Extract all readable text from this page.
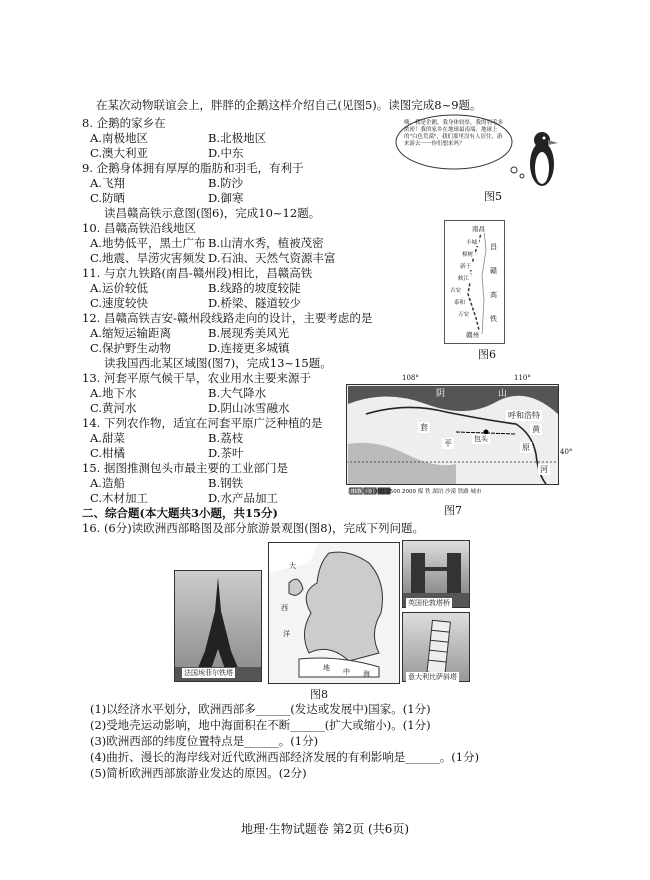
在某次动物联谊会上，胖胖的企鹅这样介绍自己(见图5)。读图完成8~9题。
8. 企鹅的家乡在
A.南极地区	B.北极地区
C.澳大利亚	D.中东
9. 企鹅身体拥有厚厚的脂肪和羽毛，有利于
A.飞翔	B.防沙
C.防晒	D.御寒
嗨，我是企鹅，我身体较厚，我的羽毛多浓密！我的家乡在地球最南端，地球上的"白色荒漠"，我们那里没有人居住，游来游去一一你们想来吗？
图5
读昌赣高铁示意图(图6)，完成10~12题。
10. 昌赣高铁沿线地区
A.地势低平，黑土广布 B.山清水秀，植被茂密
C.地震、旱涝灾害频发 D.石油、天然气资源丰富
11. 与京九铁路(南昌-赣州段)相比，昌赣高铁
A.运价较低	B.线路的坡度较陡
C.速度较快	D.桥梁、隧道较少
12. 昌赣高铁吉安-赣州段线路走向的设计，主要考虑的是
A.缩短运输距离	B.展现秀美风光
C.保护野生动物	D.连接更多城镇
南昌
丰城
樟树
新干
峡江
吉安
泰和
万安
赣州
昌
赣
高
铁
图6
读我国西北某区域图(图7)，完成13~15题。
13. 河套平原气候干旱，农业用水主要来源于
A.地下水	B.大气降水
C.黄河水	D.阴山冰雪融水
14. 下列农作物，适宜在河套平原广泛种植的是
A.甜菜	B.荔枝
C.柑橘	D.茶叶
15. 据图推测包头市最主要的工业部门是
A.造船	B.钢铁
C.木材加工	D.水产品加工
108°	110°
阴	山
包头
呼和浩特
平	原
黄
河
套
40°
海拔(米) 1000 1500 2000 煤 铁 湖泊 沙漠 铁路 城市
图7
二、综合题(本大题共3小题，共15分)
16. (6分)读欧洲西部略图及部分旅游景观图(图8)，完成下列问题。
法国埃菲尔铁塔
大
西
洋
地 中 海
英国伦敦塔桥
意大利比萨斜塔
图8
(1)以经济水平划分，欧洲西部多______(发达或发展中)国家。(1分)
(2)受地壳运动影响，地中海面积在不断______(扩大或缩小)。(1分)
(3)欧洲西部的纬度位置特点是______。(1分)
(4)曲折、漫长的海岸线对近代欧洲西部经济发展的有利影响是______。(1分)
(5)简析欧洲西部旅游业发达的原因。(2分)
地理·生物试题卷 第2页 (共6页)
